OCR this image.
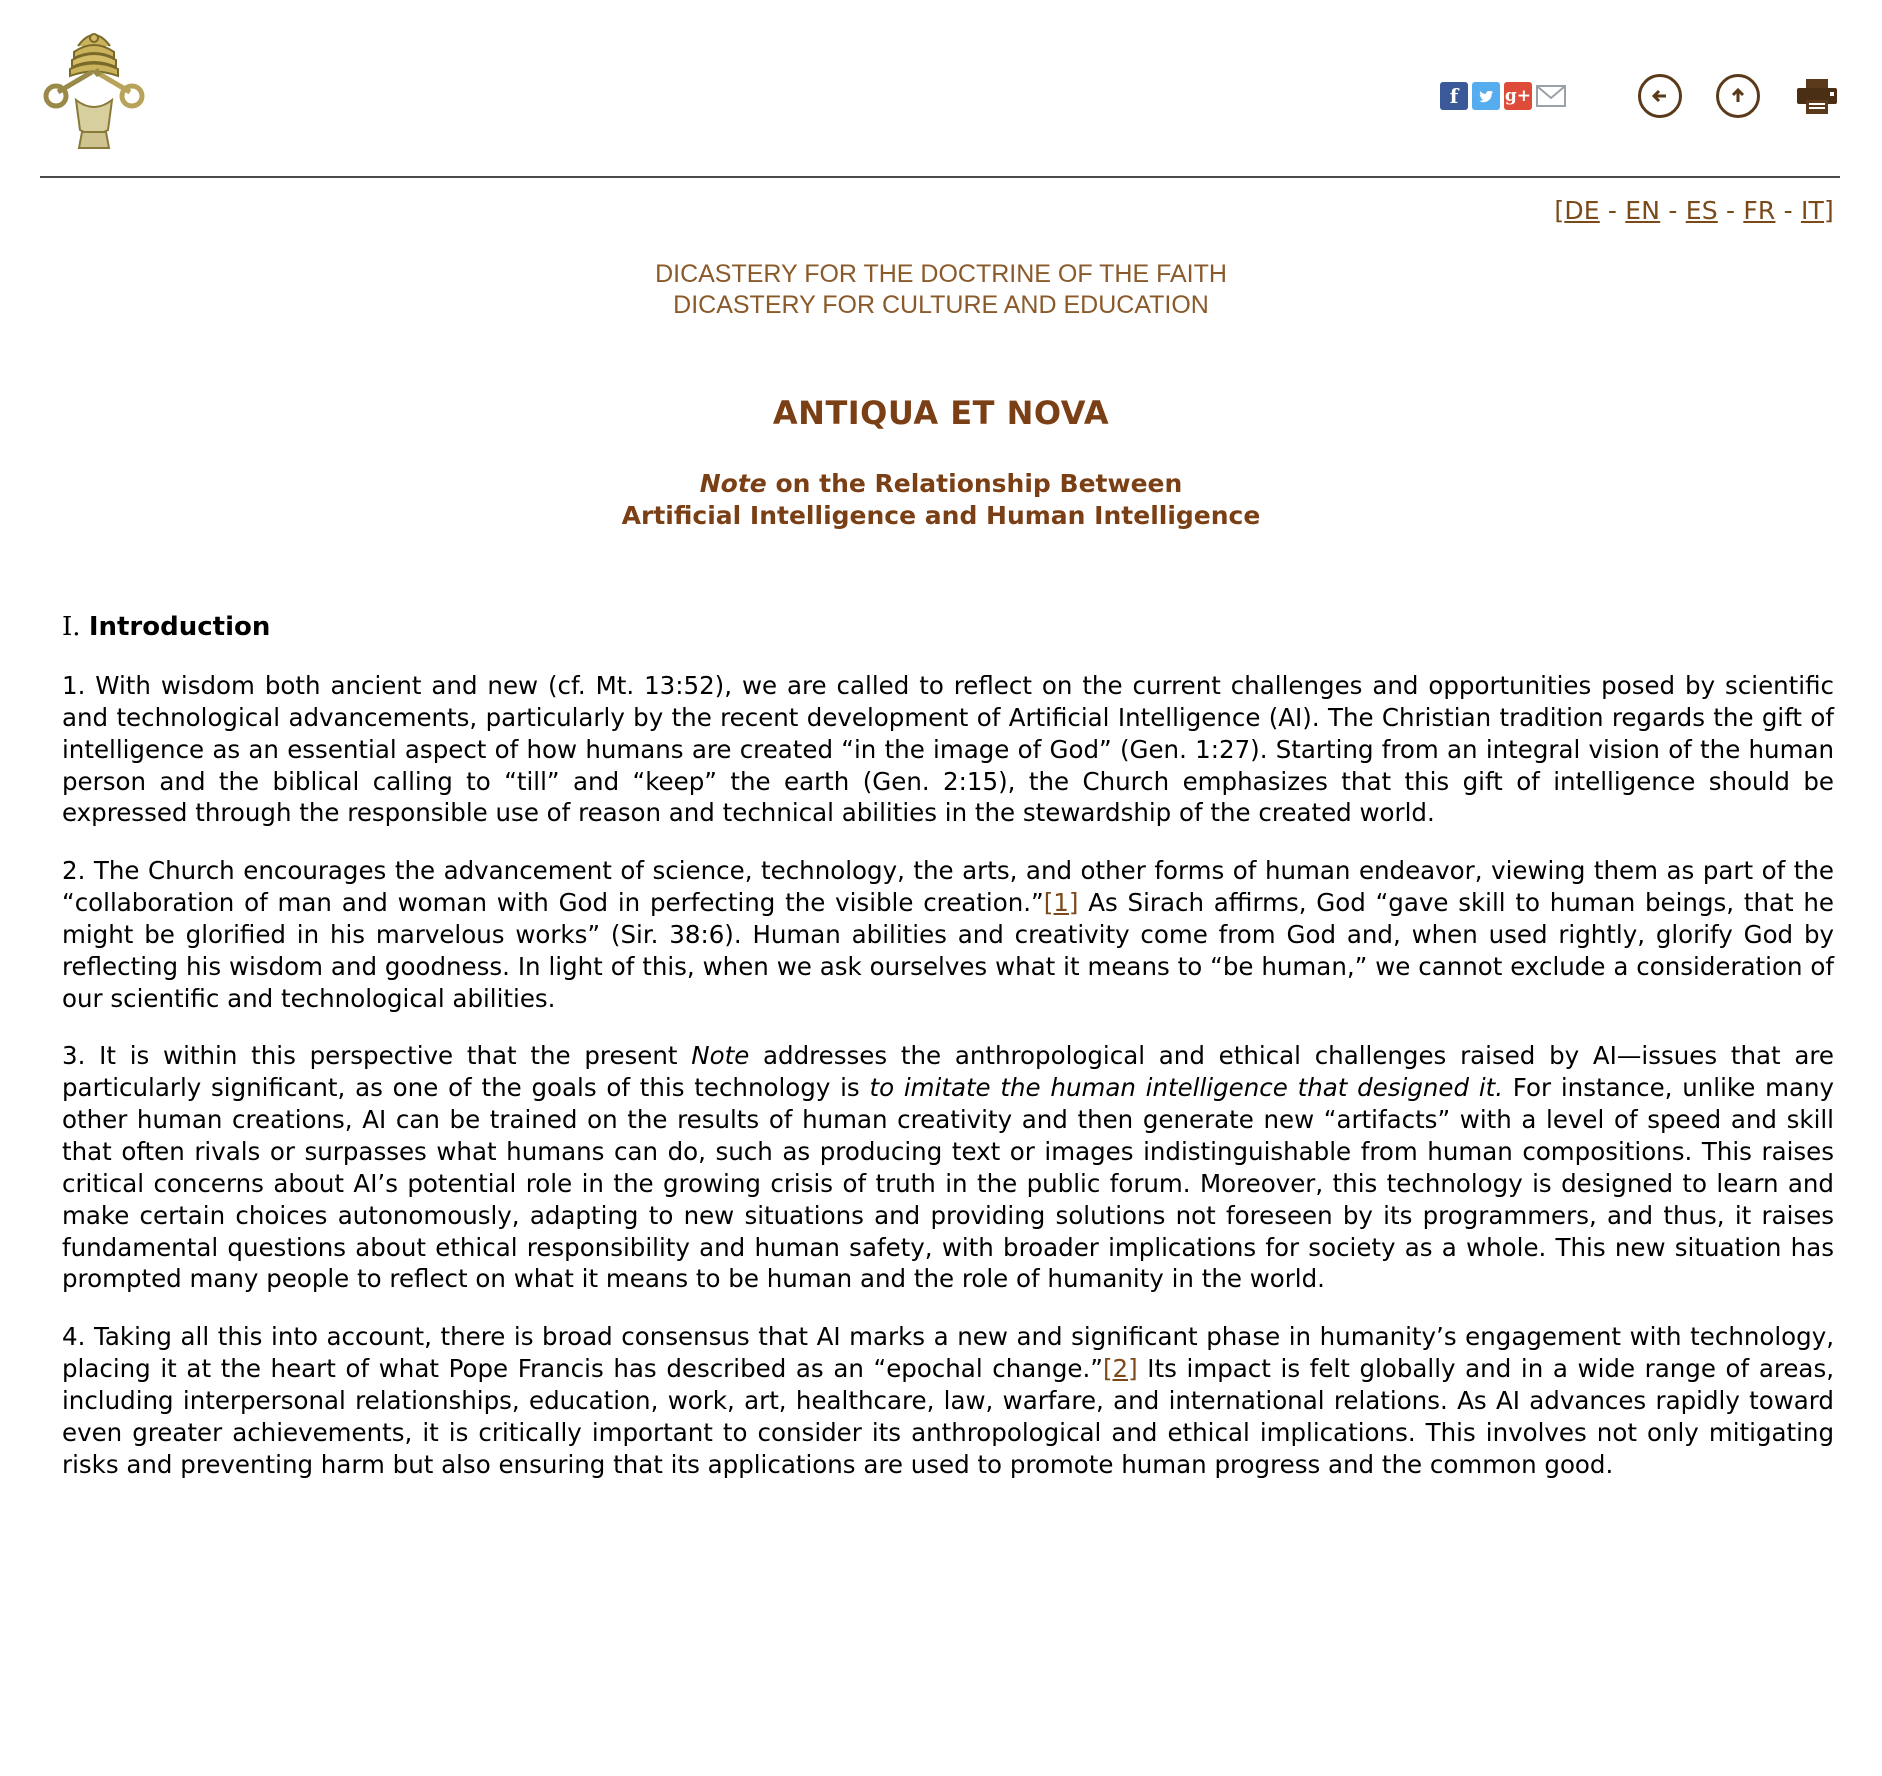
f	g+
[DE - EN - ES - FR - IT]
DICASTERY FOR THE DOCTRINE OF THE FAITH
DICASTERY FOR CULTURE AND EDUCATION
ANTIQUA ET NOVA
Note on the Relationship Between
Artificial Intelligence and Human Intelligence
I. Introduction

1. With wisdom both ancient and new (cf. Mt. 13:52), we are called to reflect on the current challenges and opportunities posed by scientific and technological advancements, particularly by the recent development of Artificial Intelligence (AI). The Christian tradition regards the gift of intelligence as an essential aspect of how humans are created “in the image of God” (Gen. 1:27). Starting from an integral vision of the human person and the biblical calling to “till” and “keep” the earth (Gen. 2:15), the Church emphasizes that this gift of intelligence should be expressed through the responsible use of reason and technical abilities in the stewardship of the created world.

2. The Church encourages the advancement of science, technology, the arts, and other forms of human endeavor, viewing them as part of the “collaboration of man and woman with God in perfecting the visible creation.”[1] As Sirach affirms, God “gave skill to human beings, that he might be glorified in his marvelous works” (Sir. 38:6). Human abilities and creativity come from God and, when used rightly, glorify God by reflecting his wisdom and goodness. In light of this, when we ask ourselves what it means to “be human,” we cannot exclude a consideration of our scientific and technological abilities.

3. It is within this perspective that the present Note addresses the anthropological and ethical challenges raised by AI—issues that are particularly significant, as one of the goals of this technology is to imitate the human intelligence that designed it. For instance, unlike many other human creations, AI can be trained on the results of human creativity and then generate new “artifacts” with a level of speed and skill that often rivals or surpasses what humans can do, such as producing text or images indistinguishable from human compositions. This raises critical concerns about AI’s potential role in the growing crisis of truth in the public forum. Moreover, this technology is designed to learn and make certain choices autonomously, adapting to new situations and providing solutions not foreseen by its programmers, and thus, it raises fundamental questions about ethical responsibility and human safety, with broader implications for society as a whole. This new situation has prompted many people to reflect on what it means to be human and the role of humanity in the world.

4. Taking all this into account, there is broad consensus that AI marks a new and significant phase in humanity’s engagement with technology, placing it at the heart of what Pope Francis has described as an “epochal change.”[2] Its impact is felt globally and in a wide range of areas, including interpersonal relationships, education, work, art, healthcare, law, warfare, and international relations. As AI advances rapidly toward even greater achievements, it is critically important to consider its anthropological and ethical implications. This involves not only mitigating risks and preventing harm but also ensuring that its applications are used to promote human progress and the common good.
